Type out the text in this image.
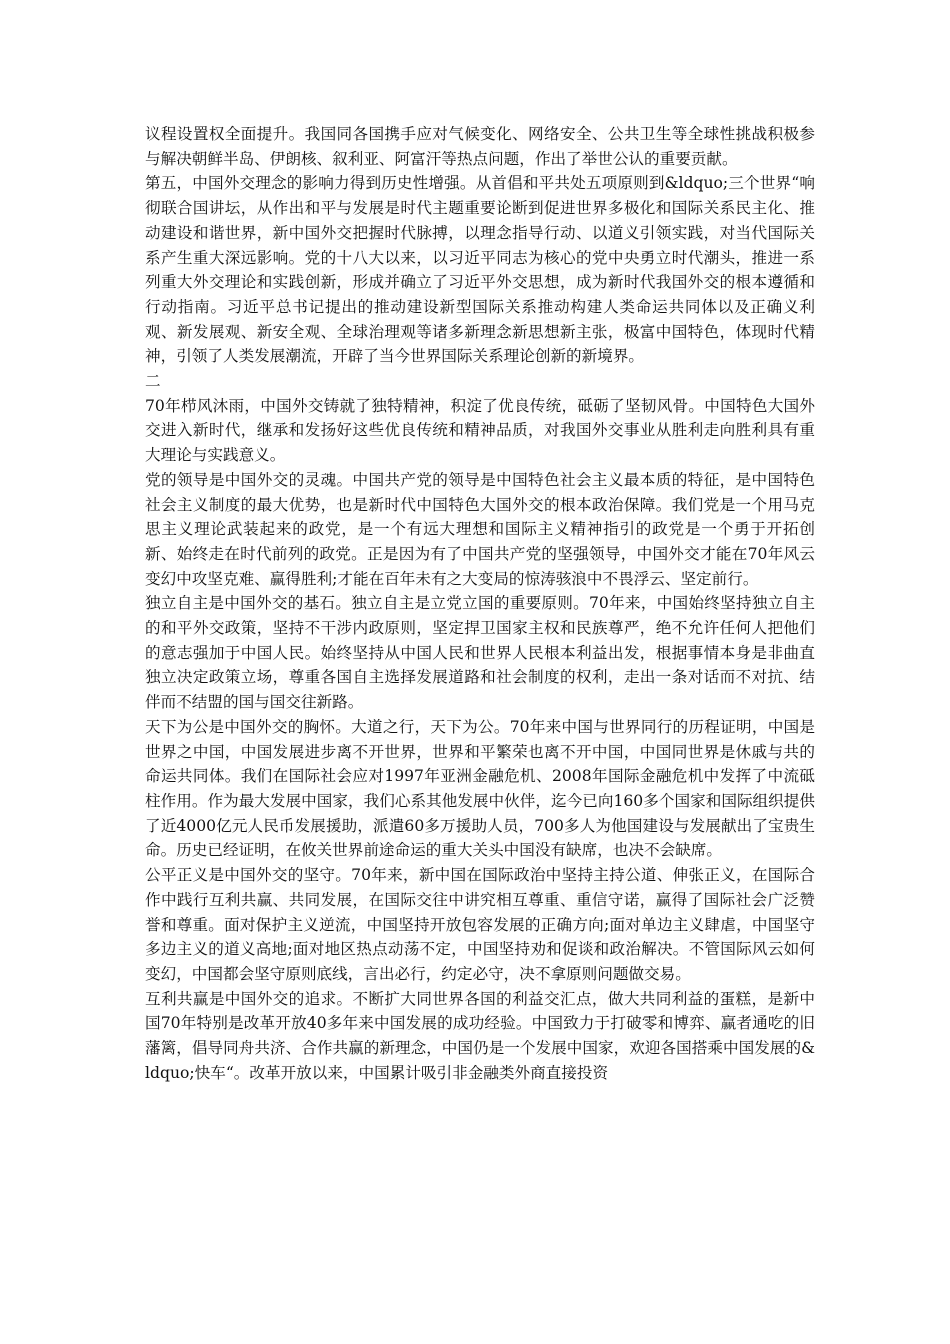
议程设置权全面提升。我国同各国携手应对气候变化、网络安全、公共卫生等全球性挑战积极参与解决朝鲜半岛、伊朗核、叙利亚、阿富汗等热点问题，作出了举世公认的重要贡献。

第五，中国外交理念的影响力得到历史性增强。从首倡和平共处五项原则到&ldquo;三个世界“响彻联合国讲坛，从作出和平与发展是时代主题重要论断到促进世界多极化和国际关系民主化、推动建设和谐世界，新中国外交把握时代脉搏，以理念指导行动、以道义引领实践，对当代国际关系产生重大深远影响。党的十八大以来，以习近平同志为核心的党中央勇立时代潮头，推进一系列重大外交理论和实践创新，形成并确立了习近平外交思想，成为新时代我国外交的根本遵循和行动指南。习近平总书记提出的推动建设新型国际关系推动构建人类命运共同体以及正确义利观、新发展观、新安全观、全球治理观等诸多新理念新思想新主张，极富中国特色，体现时代精神，引领了人类发展潮流，开辟了当今世界国际关系理论创新的新境界。

二

70年栉风沐雨，中国外交铸就了独特精神，积淀了优良传统，砥砺了坚韧风骨。中国特色大国外交进入新时代，继承和发扬好这些优良传统和精神品质，对我国外交事业从胜利走向胜利具有重大理论与实践意义。

党的领导是中国外交的灵魂。中国共产党的领导是中国特色社会主义最本质的特征，是中国特色社会主义制度的最大优势，也是新时代中国特色大国外交的根本政治保障。我们党是一个用马克思主义理论武装起来的政党，是一个有远大理想和国际主义精神指引的政党是一个勇于开拓创新、始终走在时代前列的政党。正是因为有了中国共产党的坚强领导，中国外交才能在70年风云变幻中攻坚克难、赢得胜利;才能在百年未有之大变局的惊涛骇浪中不畏浮云、坚定前行。

独立自主是中国外交的基石。独立自主是立党立国的重要原则。70年来，中国始终坚持独立自主的和平外交政策，坚持不干涉内政原则，坚定捍卫国家主权和民族尊严，绝不允许任何人把他们的意志强加于中国人民。始终坚持从中国人民和世界人民根本利益出发，根据事情本身是非曲直独立决定政策立场，尊重各国自主选择发展道路和社会制度的权利，走出一条对话而不对抗、结伴而不结盟的国与国交往新路。

天下为公是中国外交的胸怀。大道之行，天下为公。70年来中国与世界同行的历程证明，中国是世界之中国，中国发展进步离不开世界，世界和平繁荣也离不开中国，中国同世界是休戚与共的命运共同体。我们在国际社会应对1997年亚洲金融危机、2008年国际金融危机中发挥了中流砥柱作用。作为最大发展中国家，我们心系其他发展中伙伴，迄今已向160多个国家和国际组织提供了近4000亿元人民币发展援助，派遣60多万援助人员，700多人为他国建设与发展献出了宝贵生命。历史已经证明，在攸关世界前途命运的重大关头中国没有缺席，也决不会缺席。

公平正义是中国外交的坚守。70年来，新中国在国际政治中坚持主持公道、伸张正义，在国际合作中践行互利共赢、共同发展，在国际交往中讲究相互尊重、重信守诺，赢得了国际社会广泛赞誉和尊重。面对保护主义逆流，中国坚持开放包容发展的正确方向;面对单边主义肆虐，中国坚守多边主义的道义高地;面对地区热点动荡不定，中国坚持劝和促谈和政治解决。不管国际风云如何变幻，中国都会坚守原则底线，言出必行，约定必守，决不拿原则问题做交易。

互利共赢是中国外交的追求。不断扩大同世界各国的利益交汇点，做大共同利益的蛋糕，是新中国70年特别是改革开放40多年来中国发展的成功经验。中国致力于打破零和博弈、赢者通吃的旧藩篱，倡导同舟共济、合作共赢的新理念，中国仍是一个发展中国家，欢迎各国搭乘中国发展的&ldquo;快车“。改革开放以来，中国累计吸引非金融类外商直接投资
